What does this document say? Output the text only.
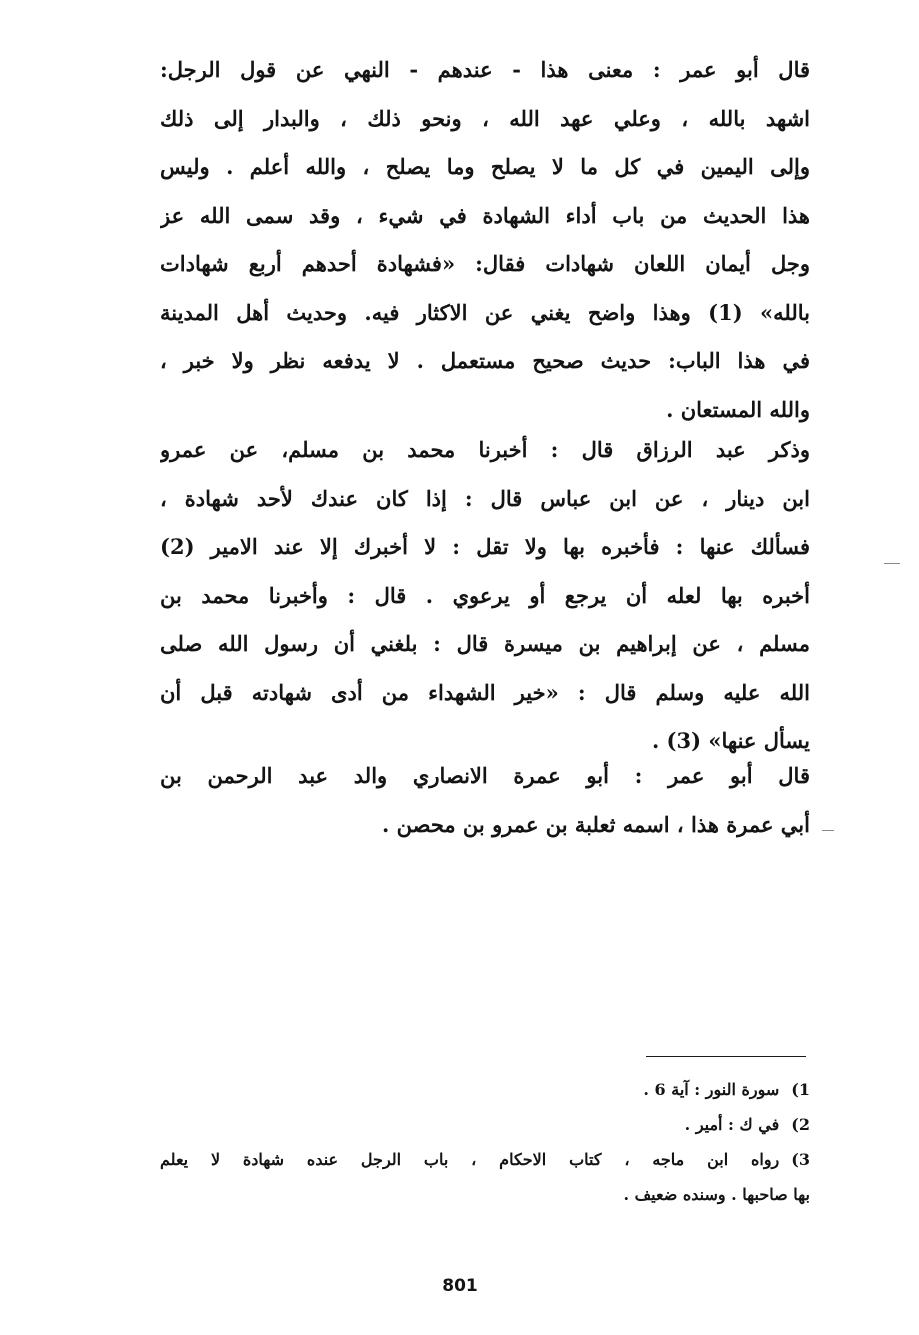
قال أبو عمر : معنى هذا - عندهم - النهي عن قول الرجل:
اشهد بالله ، وعلي عهد الله ، ونحو ذلك ، والبدار إلى ذلك
وإلى اليمين في كل ما لا يصلح وما يصلح ، والله أعلم . وليس
هذا الحديث من باب أداء الشهادة في شيء ، وقد سمى الله عز
وجل أيمان اللعان شهادات فقال: «فشهادة أحدهم أربع شهادات
بالله» (1) وهذا واضح يغني عن الاكثار فيه. وحديث أهل المدينة
في هذا الباب: حديث صحيح مستعمل . لا يدفعه نظر ولا خبر ،
والله المستعان .
وذكر عبد الرزاق قال : أخبرنا محمد بن مسلم، عن عمرو
ابن دينار ، عن ابن عباس قال : إذا كان عندك لأحد شهادة ،
فسألك عنها : فأخبره بها ولا تقل : لا أخبرك إلا عند الامير (2)
أخبره بها لعله أن يرجع أو يرعوي . قال : وأخبرنا محمد بن
مسلم ، عن إبراهيم بن ميسرة قال : بلغني أن رسول الله صلى
الله عليه وسلم قال : «خير الشهداء من أدى شهادته قبل أن
يسأل عنها» (3) .
قال أبو عمر : أبو عمرة الانصاري والد عبد الرحمن بن
أبي عمرة هذا ، اسمه ثعلبة بن عمرو بن محصن .
1)سورة النور : آية 6 .
2)في ك : أمير .
3)رواه ابن ماجه ، كتاب الاحكام ، باب الرجل عنده شهادة لا يعلم
بها صاحبها . وسنده ضعيف .
801
